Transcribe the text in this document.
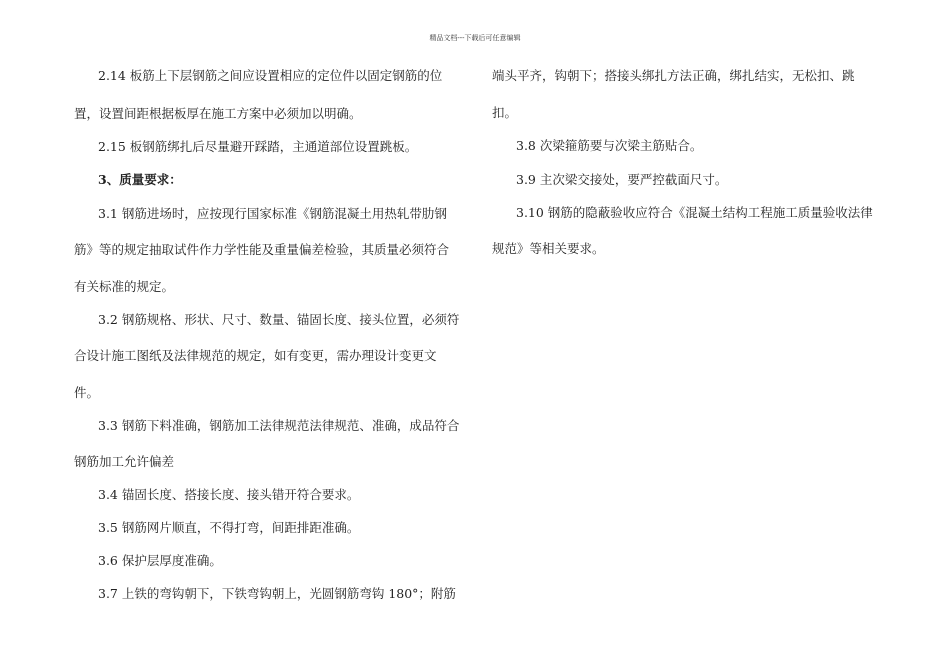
精品文档---下载后可任意编辑
2.14 板筋上下层钢筋之间应设置相应的定位件以固定钢筋的位
置，设置间距根据板厚在施工方案中必须加以明确。
2.15 板钢筋绑扎后尽量避开踩踏，主通道部位设置跳板。
3、质量要求：
3.1 钢筋进场时，应按现行国家标准《钢筋混凝土用热轧带肋钢
筋》等的规定抽取试件作力学性能及重量偏差检验，其质量必须符合
有关标准的规定。
3.2 钢筋规格、形状、尺寸、数量、锚固长度、接头位置，必须符
合设计施工图纸及法律规范的规定，如有变更，需办理设计变更文
件。
3.3 钢筋下料准确，钢筋加工法律规范法律规范、准确，成品符合
钢筋加工允许偏差
3.4 锚固长度、搭接长度、接头错开符合要求。
3.5 钢筋网片顺直，不得打弯，间距排距准确。
3.6 保护层厚度准确。
3.7 上铁的弯钩朝下，下铁弯钩朝上，光圆钢筋弯钩 180°；附筋
端头平齐，钩朝下；搭接头绑扎方法正确，绑扎结实，无松扣、跳
扣。
3.8 次梁箍筋要与次梁主筋贴合。
3.9 主次梁交接处，要严控截面尺寸。
3.10 钢筋的隐蔽验收应符合《混凝土结构工程施工质量验收法律
规范》等相关要求。
